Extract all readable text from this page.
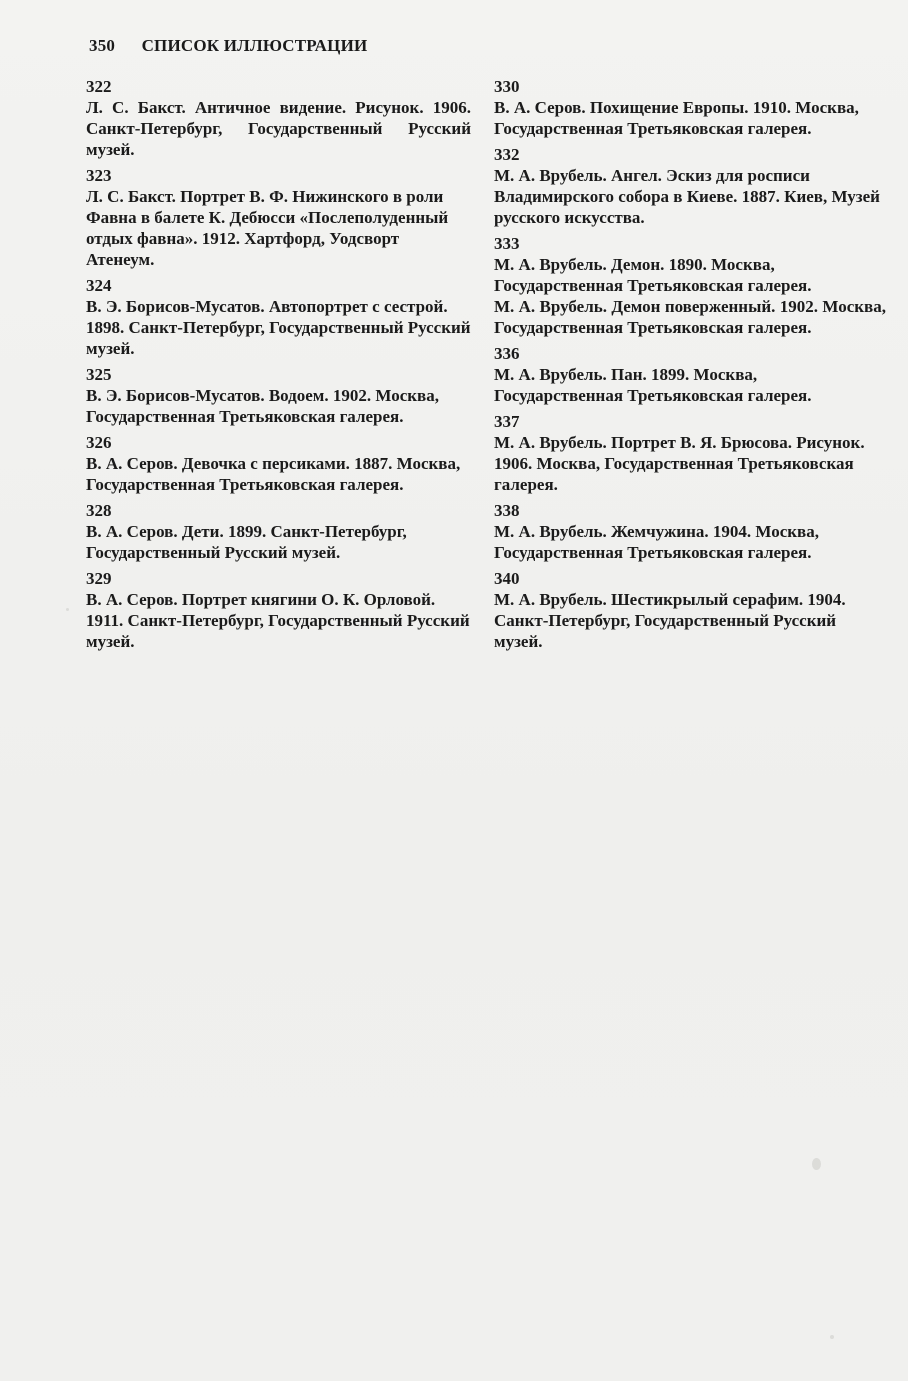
350 СПИСОК ИЛЛЮСТРАЦИИ
322
Л. С. Бакст. Античное видение. Рисунок. 1906. Санкт-Петербург, Государственный Русский музей.
323
Л. С. Бакст. Портрет В. Ф. Нижинского в роли Фавна в балете К. Дебюсси «Послеполуденный отдых фавна». 1912. Хартфорд, Уодсворт Атенеум.
324
В. Э. Борисов-Мусатов. Автопортрет с сестрой. 1898. Санкт-Петербург, Государственный Русский музей.
325
В. Э. Борисов-Мусатов. Водоем. 1902. Москва, Государственная Третьяковская галерея.
326
В. А. Серов. Девочка с персиками. 1887. Москва, Государственная Третьяковская галерея.
328
В. А. Серов. Дети. 1899. Санкт-Петербург, Государственный Русский музей.
329
В. А. Серов. Портрет княгини О. К. Орловой. 1911. Санкт-Петербург, Государственный Русский музей.
330
В. А. Серов. Похищение Европы. 1910. Москва, Государственная Третьяковская галерея.
332
М. А. Врубель. Ангел. Эскиз для росписи Владимирского собора в Киеве. 1887. Киев, Музей русского искусства.
333
М. А. Врубель. Демон. 1890. Москва, Государственная Третьяковская галерея.
М. А. Врубель. Демон поверженный. 1902. Москва, Государственная Третьяковская галерея.
336
М. А. Врубель. Пан. 1899. Москва, Государственная Третьяковская галерея.
337
М. А. Врубель. Портрет В. Я. Брюсова. Рисунок. 1906. Москва, Государственная Третьяковская галерея.
338
М. А. Врубель. Жемчужина. 1904. Москва, Государственная Третьяковская галерея.
340
М. А. Врубель. Шестикрылый серафим. 1904. Санкт-Петербург, Государственный Русский музей.
